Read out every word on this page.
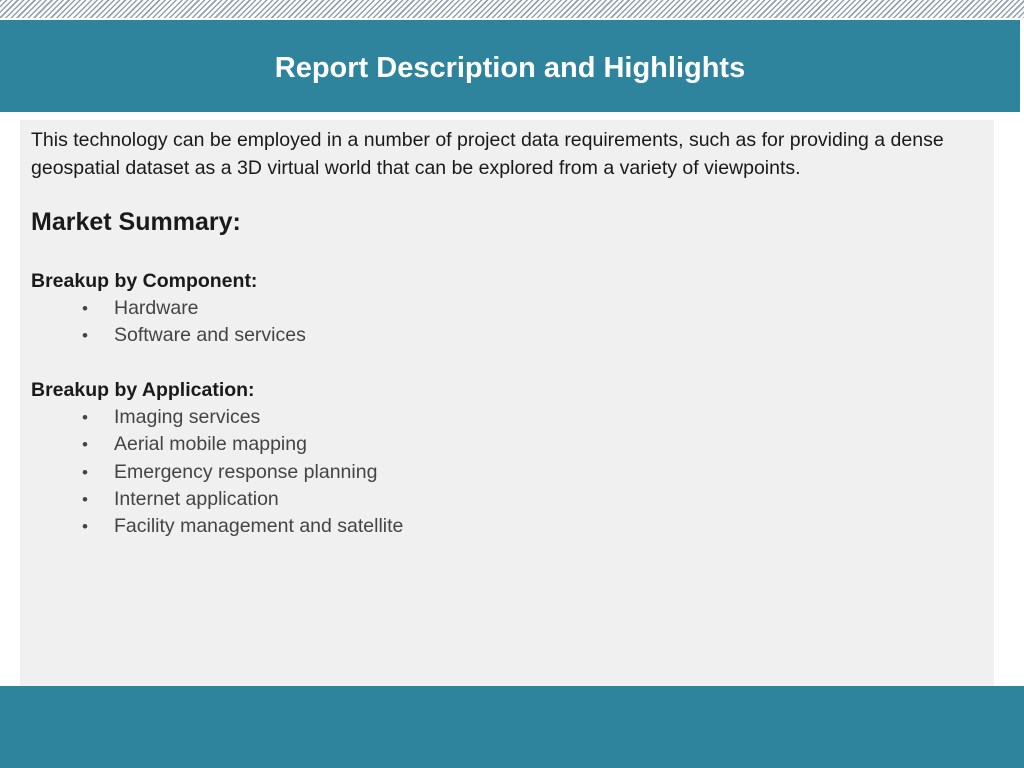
Report Description and Highlights

This technology can be employed in a number of project data requirements, such as for providing a dense geospatial dataset as a 3D virtual world that can be explored from a variety of viewpoints.

Market Summary:
Breakup by Component:
• Hardware
• Software and services
Breakup by Application:
• Imaging services
• Aerial mobile mapping
• Emergency response planning
• Internet application
• Facility management and satellite
